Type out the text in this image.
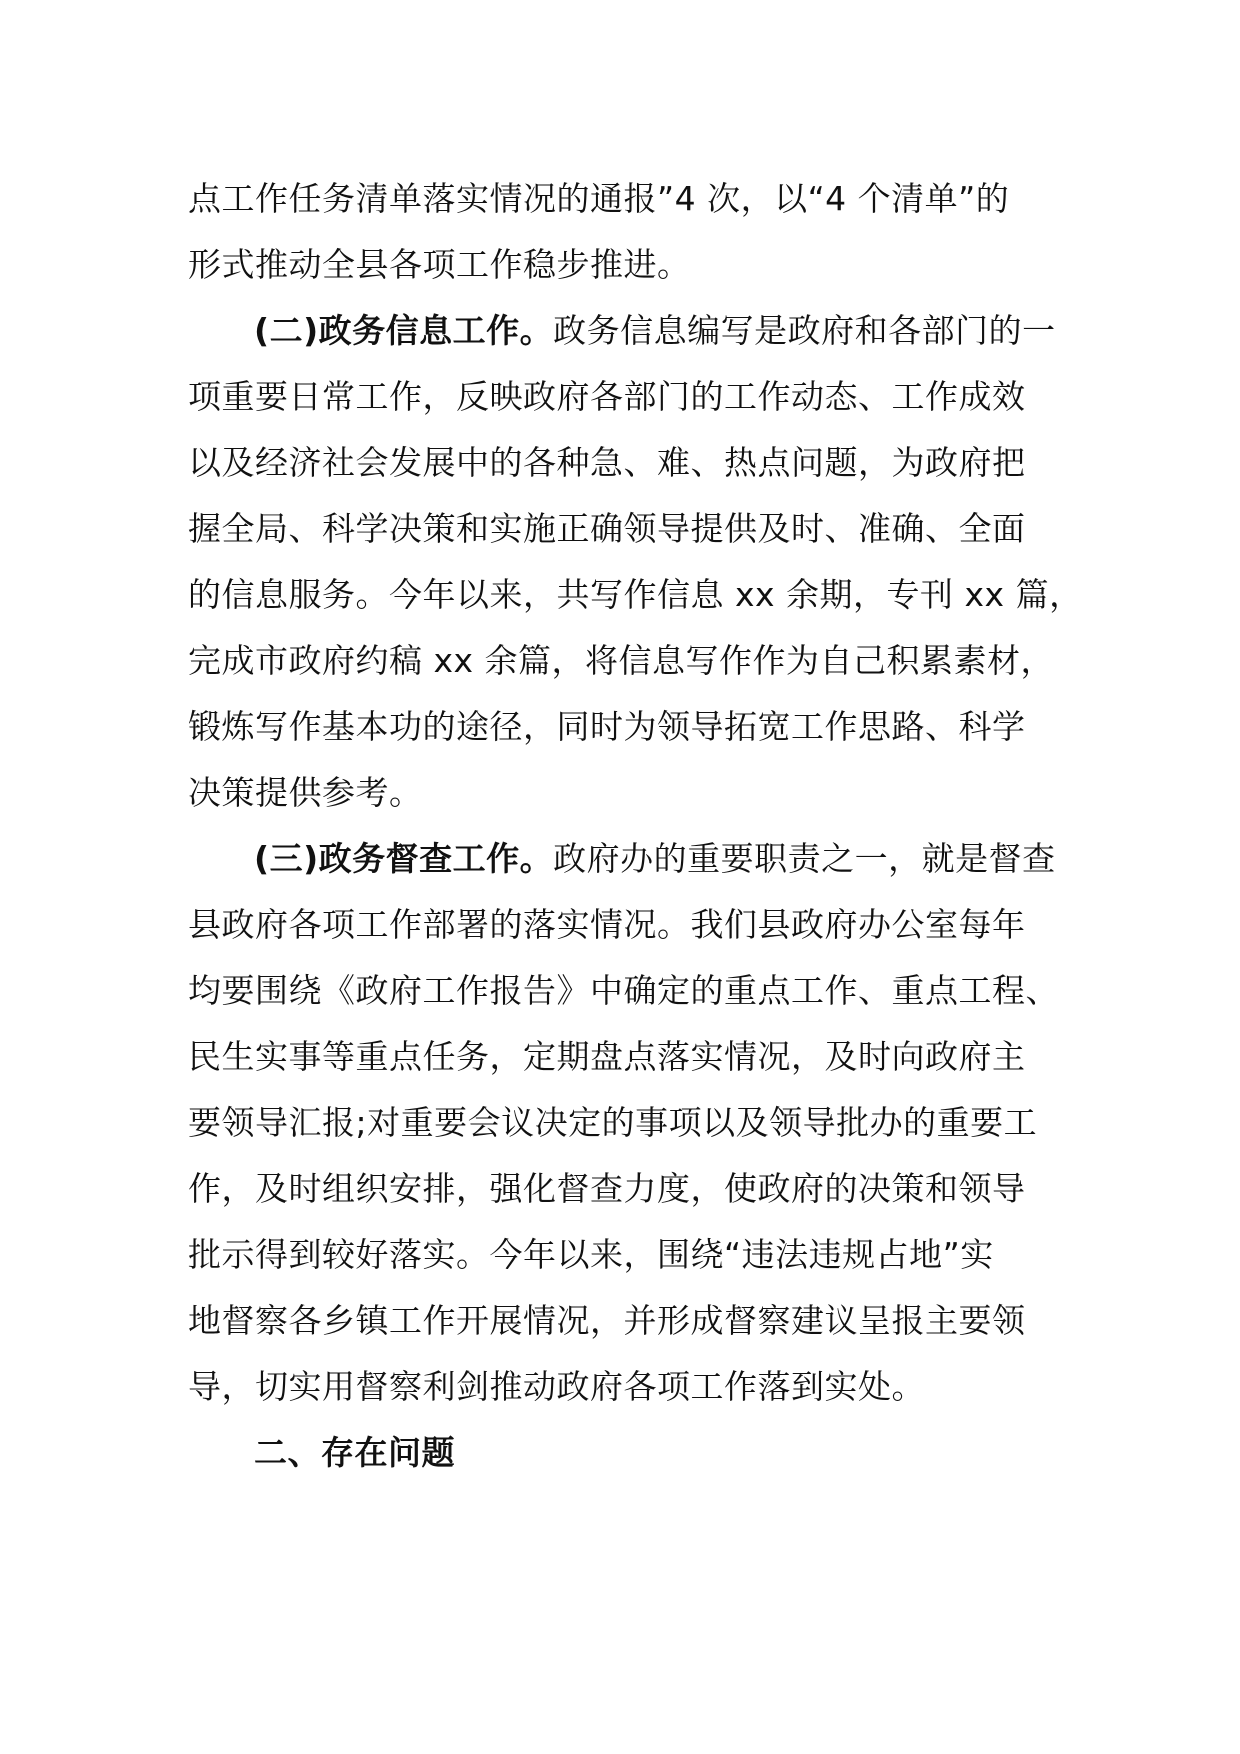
点工作任务清单落实情况的通报”4 次，以“4 个清单”的
形式推动全县各项工作稳步推进。
(二)政务信息工作。政务信息编写是政府和各部门的一
项重要日常工作，反映政府各部门的工作动态、工作成效
以及经济社会发展中的各种急、难、热点问题，为政府把
握全局、科学决策和实施正确领导提供及时、准确、全面
的信息服务。今年以来，共写作信息 xx 余期，专刊 xx 篇，
完成市政府约稿 xx 余篇，将信息写作作为自己积累素材，
锻炼写作基本功的途径，同时为领导拓宽工作思路、科学
决策提供参考。
(三)政务督查工作。政府办的重要职责之一，就是督查
县政府各项工作部署的落实情况。我们县政府办公室每年
均要围绕《政府工作报告》中确定的重点工作、重点工程、
民生实事等重点任务，定期盘点落实情况，及时向政府主
要领导汇报;对重要会议决定的事项以及领导批办的重要工
作，及时组织安排，强化督查力度，使政府的决策和领导
批示得到较好落实。今年以来，围绕“违法违规占地”实
地督察各乡镇工作开展情况，并形成督察建议呈报主要领
导，切实用督察利剑推动政府各项工作落到实处。
二、存在问题
